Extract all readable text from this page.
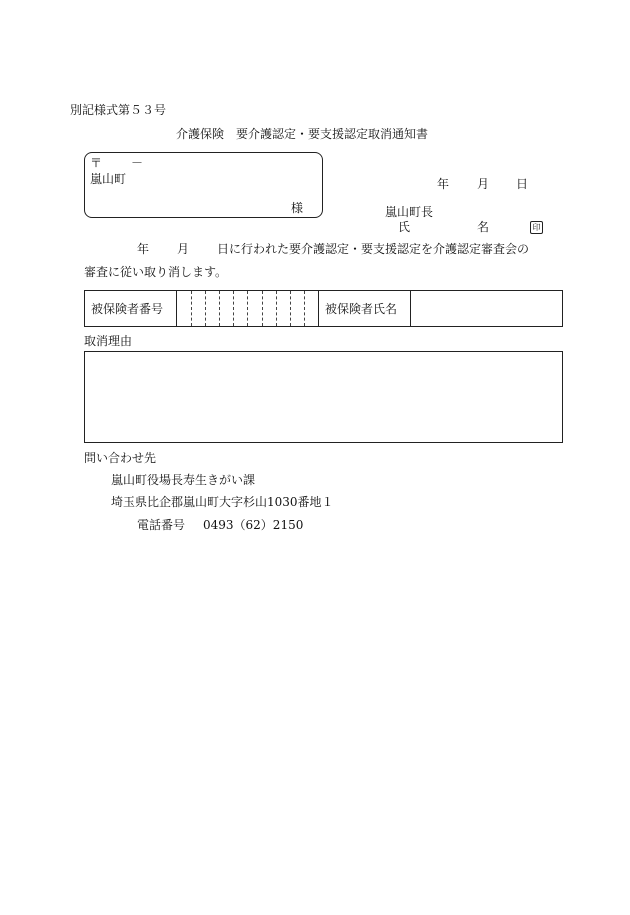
別記様式第５３号
介護保険　要介護認定・要支援認定取消通知書
〒 －
嵐山町
様
年 月 日
嵐山町長
氏	名	印
年 月 日に行われた要介護認定・要支援認定を介護認定審査会の
審査に従い取り消します。
被保険者番号	被保険者氏名
取消理由
問い合わせ先
嵐山町役場長寿生きがい課
埼玉県比企郡嵐山町大字杉山1030番地１
電話番号 0493（62）2150
